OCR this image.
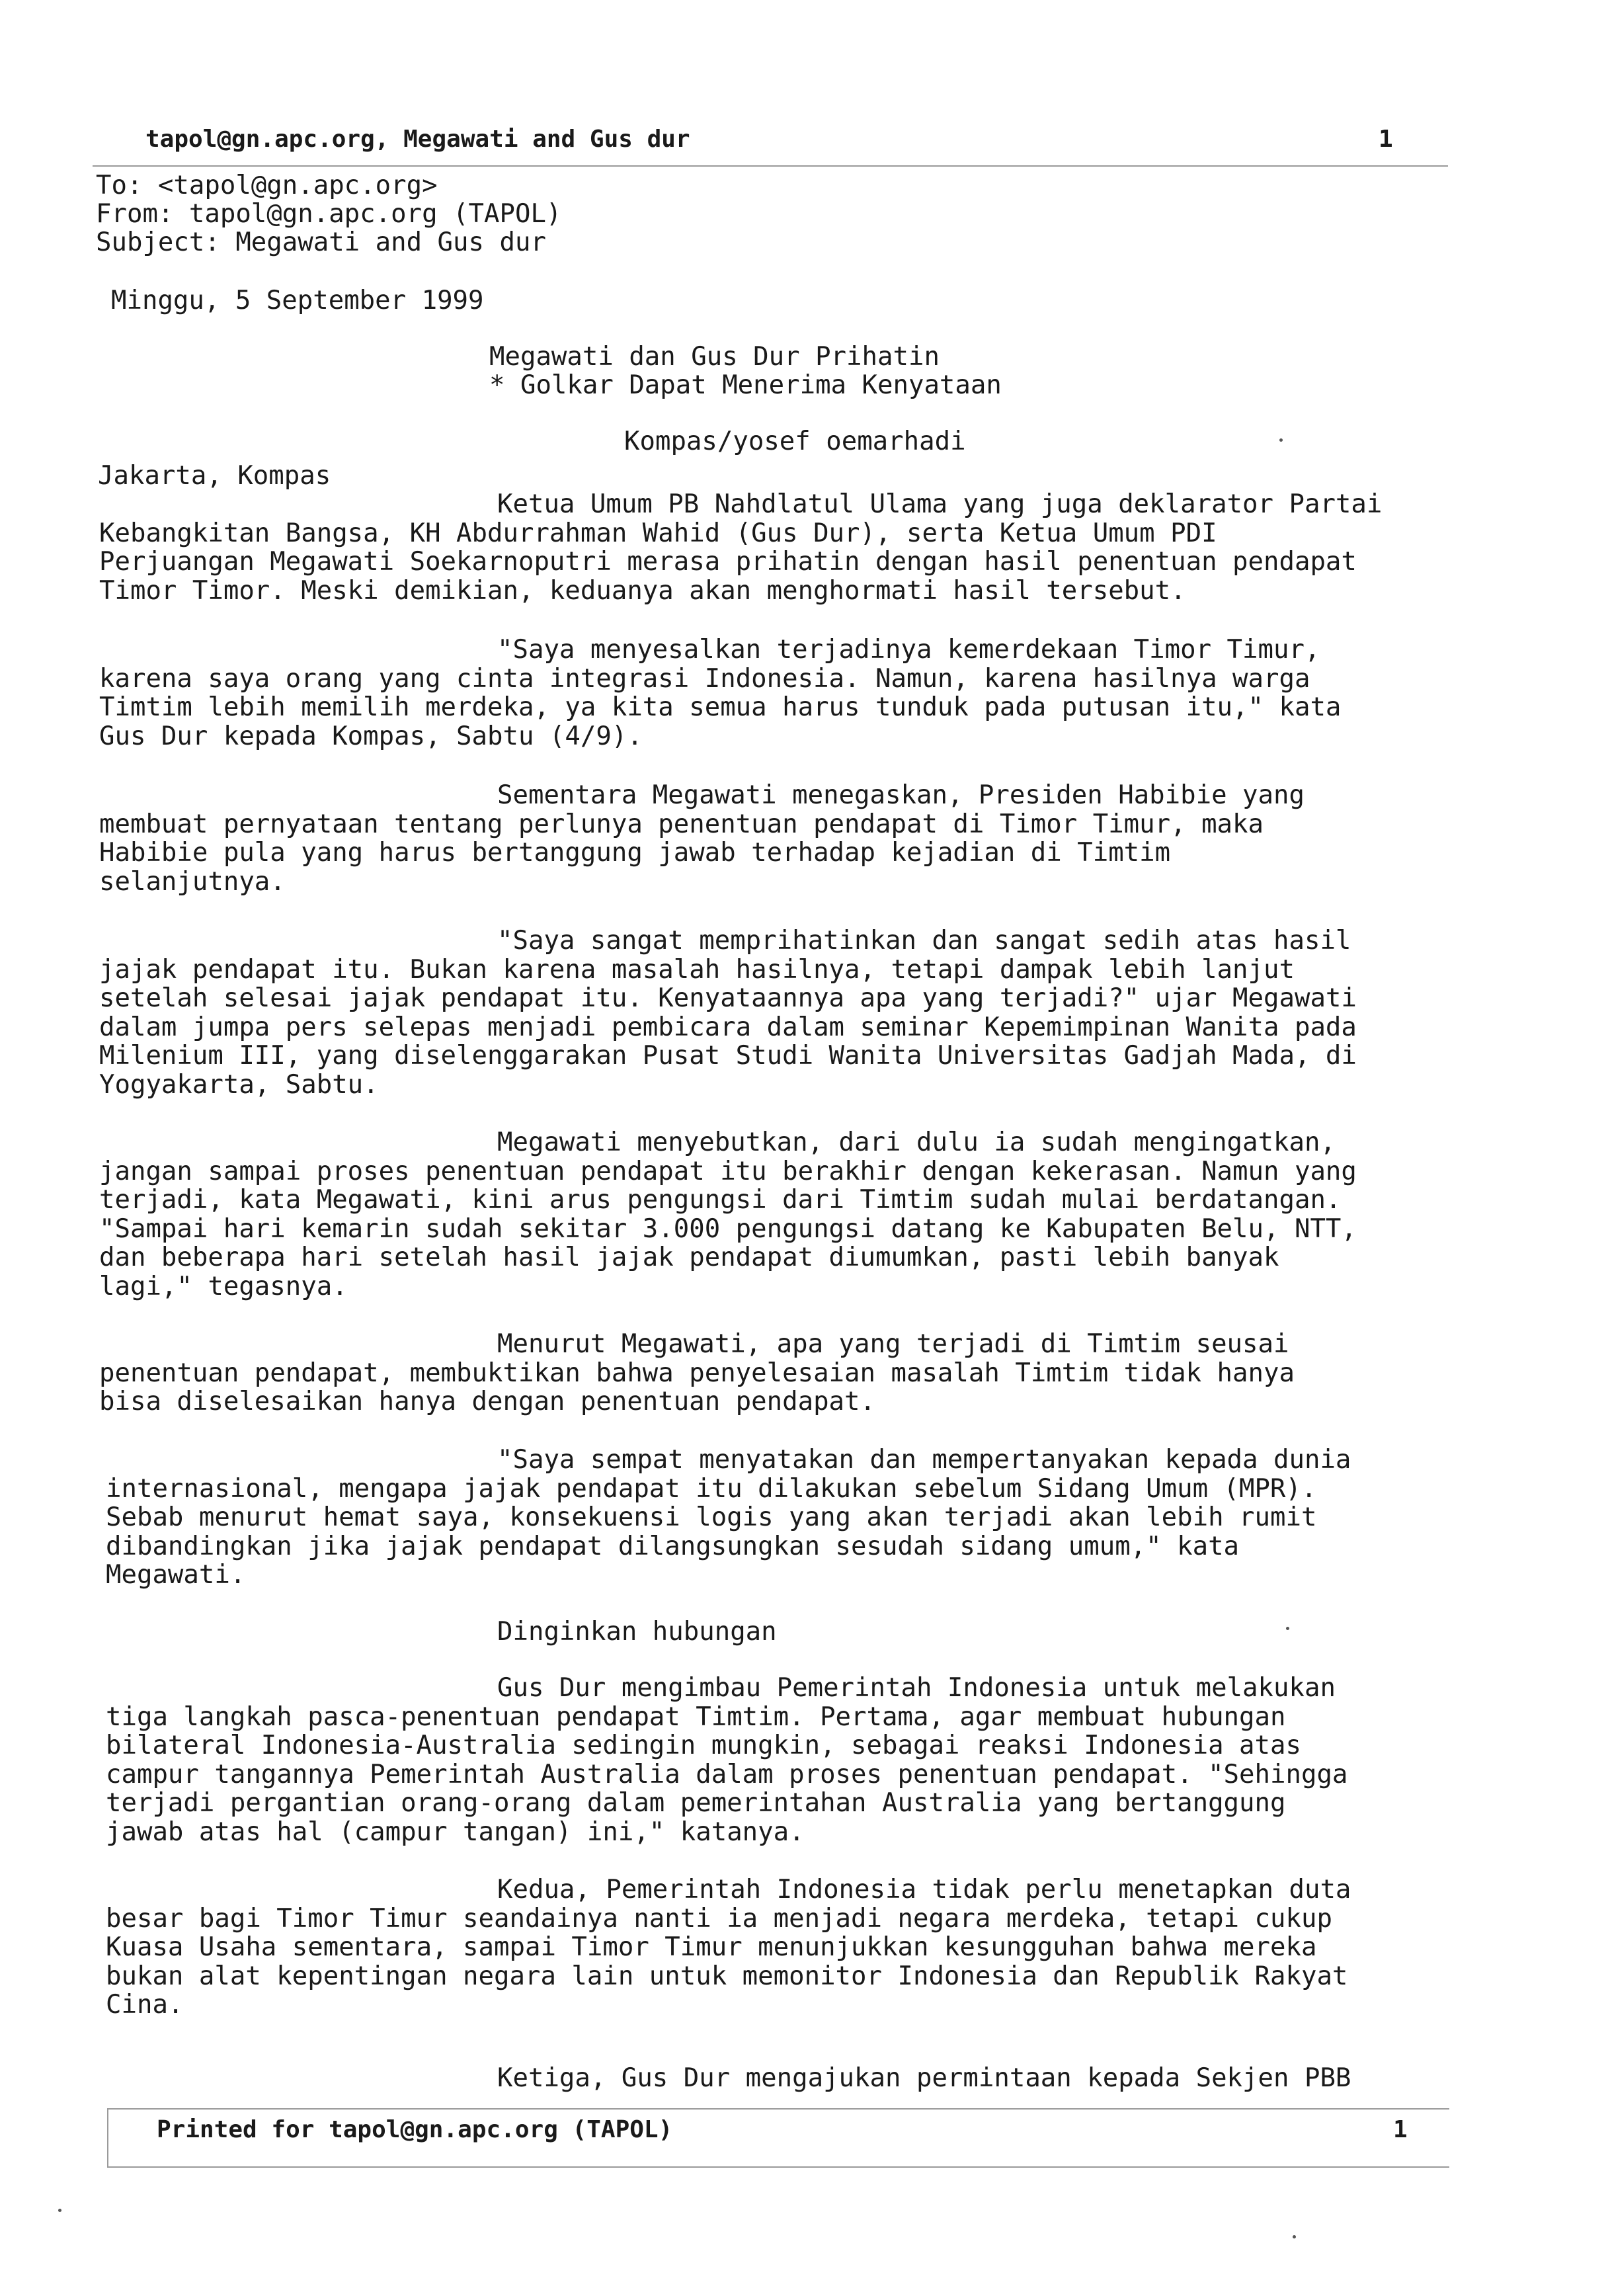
tapol@gn.apc.org, Megawati and Gus dur	1
To: <tapol@gn.apc.org>
From: tapol@gn.apc.org (TAPOL)
Subject: Megawati and Gus dur
Minggu, 5 September 1999
Megawati dan Gus Dur Prihatin
* Golkar Dapat Menerima Kenyataan
Kompas/yosef oemarhadi
Jakarta, Kompas
Ketua Umum PB Nahdlatul Ulama yang juga deklarator Partai
Kebangkitan Bangsa, KH Abdurrahman Wahid (Gus Dur), serta Ketua Umum PDI
Perjuangan Megawati Soekarnoputri merasa prihatin dengan hasil penentuan pendapat
Timor Timor. Meski demikian, keduanya akan menghormati hasil tersebut.
"Saya menyesalkan terjadinya kemerdekaan Timor Timur,
karena saya orang yang cinta integrasi Indonesia. Namun, karena hasilnya warga
Timtim lebih memilih merdeka, ya kita semua harus tunduk pada putusan itu," kata
Gus Dur kepada Kompas, Sabtu (4/9).
Sementara Megawati menegaskan, Presiden Habibie yang
membuat pernyataan tentang perlunya penentuan pendapat di Timor Timur, maka
Habibie pula yang harus bertanggung jawab terhadap kejadian di Timtim
selanjutnya.
"Saya sangat memprihatinkan dan sangat sedih atas hasil
jajak pendapat itu. Bukan karena masalah hasilnya, tetapi dampak lebih lanjut
setelah selesai jajak pendapat itu. Kenyataannya apa yang terjadi?" ujar Megawati
dalam jumpa pers selepas menjadi pembicara dalam seminar Kepemimpinan Wanita pada
Milenium III, yang diselenggarakan Pusat Studi Wanita Universitas Gadjah Mada, di
Yogyakarta, Sabtu.
Megawati menyebutkan, dari dulu ia sudah mengingatkan,
jangan sampai proses penentuan pendapat itu berakhir dengan kekerasan. Namun yang
terjadi, kata Megawati, kini arus pengungsi dari Timtim sudah mulai berdatangan.
"Sampai hari kemarin sudah sekitar 3.000 pengungsi datang ke Kabupaten Belu, NTT,
dan beberapa hari setelah hasil jajak pendapat diumumkan, pasti lebih banyak
lagi," tegasnya.
Menurut Megawati, apa yang terjadi di Timtim seusai
penentuan pendapat, membuktikan bahwa penyelesaian masalah Timtim tidak hanya
bisa diselesaikan hanya dengan penentuan pendapat.
"Saya sempat menyatakan dan mempertanyakan kepada dunia
internasional, mengapa jajak pendapat itu dilakukan sebelum Sidang Umum (MPR).
Sebab menurut hemat saya, konsekuensi logis yang akan terjadi akan lebih rumit
dibandingkan jika jajak pendapat dilangsungkan sesudah sidang umum," kata
Megawati.
Dinginkan hubungan
Gus Dur mengimbau Pemerintah Indonesia untuk melakukan
tiga langkah pasca-penentuan pendapat Timtim. Pertama, agar membuat hubungan
bilateral Indonesia-Australia sedingin mungkin, sebagai reaksi Indonesia atas
campur tangannya Pemerintah Australia dalam proses penentuan pendapat. "Sehingga
terjadi pergantian orang-orang dalam pemerintahan Australia yang bertanggung
jawab atas hal (campur tangan) ini," katanya.
Kedua, Pemerintah Indonesia tidak perlu menetapkan duta
besar bagi Timor Timur seandainya nanti ia menjadi negara merdeka, tetapi cukup
Kuasa Usaha sementara, sampai Timor Timur menunjukkan kesungguhan bahwa mereka
bukan alat kepentingan negara lain untuk memonitor Indonesia dan Republik Rakyat
Cina.
Ketiga, Gus Dur mengajukan permintaan kepada Sekjen PBB
Printed for tapol@gn.apc.org (TAPOL)	1
